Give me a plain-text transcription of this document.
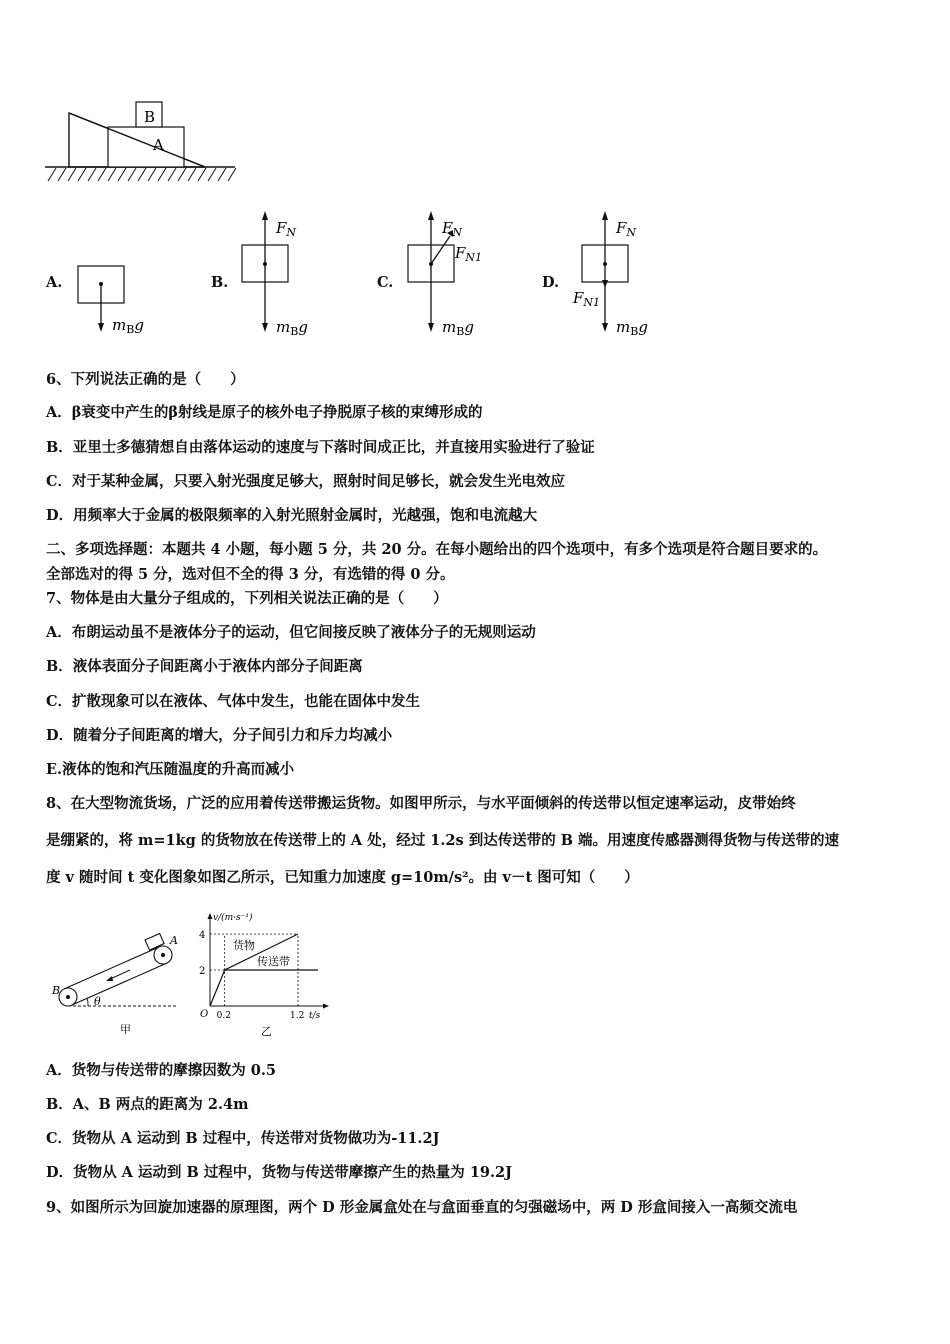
B
A
A.
$m_Bg$
B.
$F_N$
$m_Bg$
C.
$F_N$
$F_{N1}$
$m_Bg$
D.
$F_N$
$F_{N1}$
$m_Bg$
6、下列说法正确的是（　　）
A．β衰变中产生的β射线是原子的核外电子挣脱原子核的束缚形成的
B．亚里士多德猜想自由落体运动的速度与下落时间成正比，并直接用实验进行了验证
C．对于某种金属，只要入射光强度足够大，照射时间足够长，就会发生光电效应
D．用频率大于金属的极限频率的入射光照射金属时，光越强，饱和电流越大
二、多项选择题：本题共 4 小题，每小题 5 分，共 20 分。在每小题给出的四个选项中，有多个选项是符合题目要求的。
全部选对的得 5 分，选对但不全的得 3 分，有选错的得 0 分。
7、物体是由大量分子组成的，下列相关说法正确的是（　　）
A．布朗运动虽不是液体分子的运动，但它间接反映了液体分子的无规则运动
B．液体表面分子间距离小于液体内部分子间距离
C．扩散现象可以在液体、气体中发生，也能在固体中发生
D．随着分子间距离的增大，分子间引力和斥力均减小
E.液体的饱和汽压随温度的升高而减小
8、在大型物流货场，广泛的应用着传送带搬运货物。如图甲所示，与水平面倾斜的传送带以恒定速率运动，皮带始终
是绷紧的，将 m=1kg 的货物放在传送带上的 A 处，经过 1.2s 到达传送带的 B 端。用速度传感器测得货物与传送带的速
度 v 随时间 t 变化图象如图乙所示，已知重力加速度 g=10m/s²。由 v－t 图可知（　　）
θ
A
B
甲
v/(m·s⁻¹)
t/s
O
2
4
0.2	1.2
货物
传送带
乙
A．货物与传送带的摩擦因数为 0.5
B．A、B 两点的距离为 2.4m
C．货物从 A 运动到 B 过程中，传送带对货物做功为-11.2J
D．货物从 A 运动到 B 过程中，货物与传送带摩擦产生的热量为 19.2J
9、如图所示为回旋加速器的原理图，两个 D 形金属盒处在与盒面垂直的匀强磁场中，两 D 形盒间接入一高频交流电
